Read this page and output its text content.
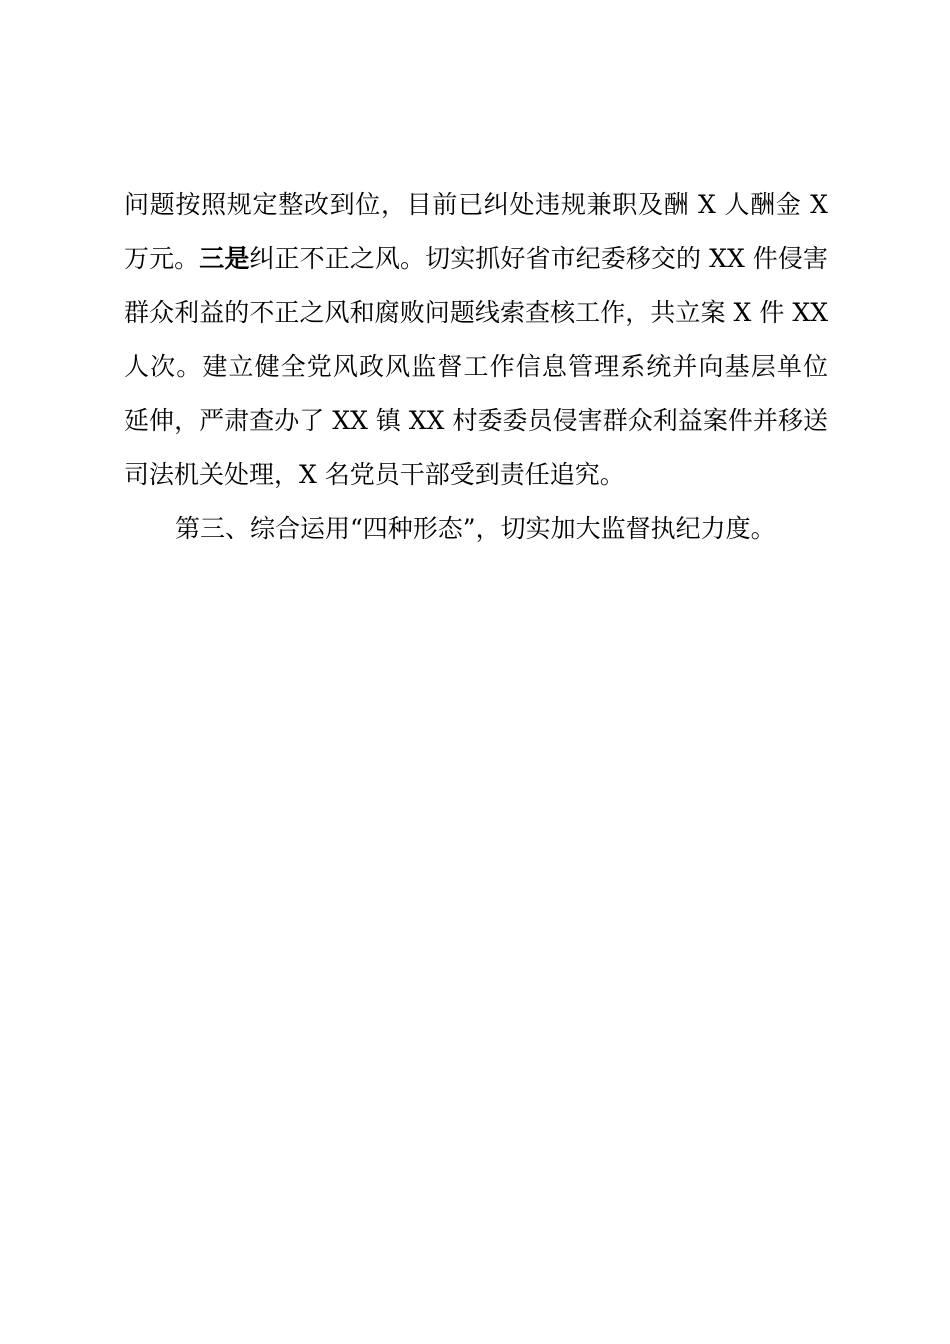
问题按照规定整改到位，目前已纠处违规兼职及酬 X 人酬金 X
万元。三是纠正不正之风。切实抓好省市纪委移交的 XX 件侵害
群众利益的不正之风和腐败问题线索查核工作，共立案 X 件 XX
人次。建立健全党风政风监督工作信息管理系统并向基层单位
延伸，严肃查办了 XX 镇 XX 村委委员侵害群众利益案件并移送
司法机关处理，X 名党员干部受到责任追究。
第三、综合运用“四种形态”，切实加大监督执纪力度。
